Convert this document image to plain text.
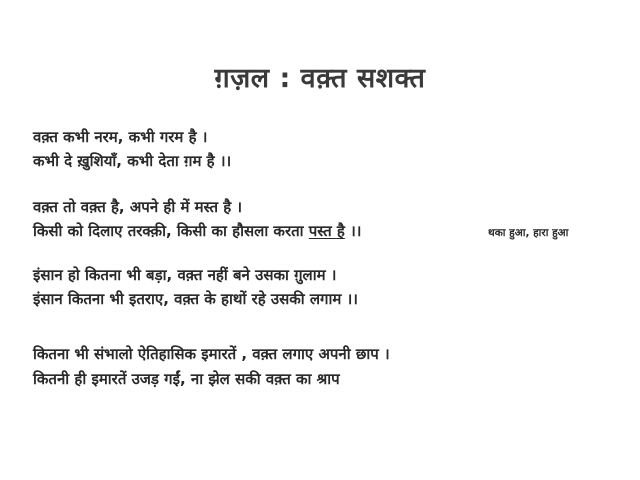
ग़ज़ल : वक़्त सशक्त
वक़्त कभी नरम, कभी गरम है ।
कभी दे ख़ुशियाँ, कभी देता ग़म है ।।
वक़्त तो वक़्त है, अपने ही में मस्त है ।
किसी को दिलाए तरक्क़ी, किसी का हौसला करता पस्त है ।।	थका हुआ, हारा हुआ
इंसान हो कितना भी बड़ा, वक़्त नहीं बने उसका ग़ुलाम ।
इंसान कितना भी इतराए, वक़्त के हाथों रहे उसकी लगाम ।।
कितना भी संभालो ऐतिहासिक इमारतें , वक़्त लगाए अपनी छाप ।
कितनी ही इमारतें उजड़ गईं, ना झेल सकी वक़्त का श्राप
